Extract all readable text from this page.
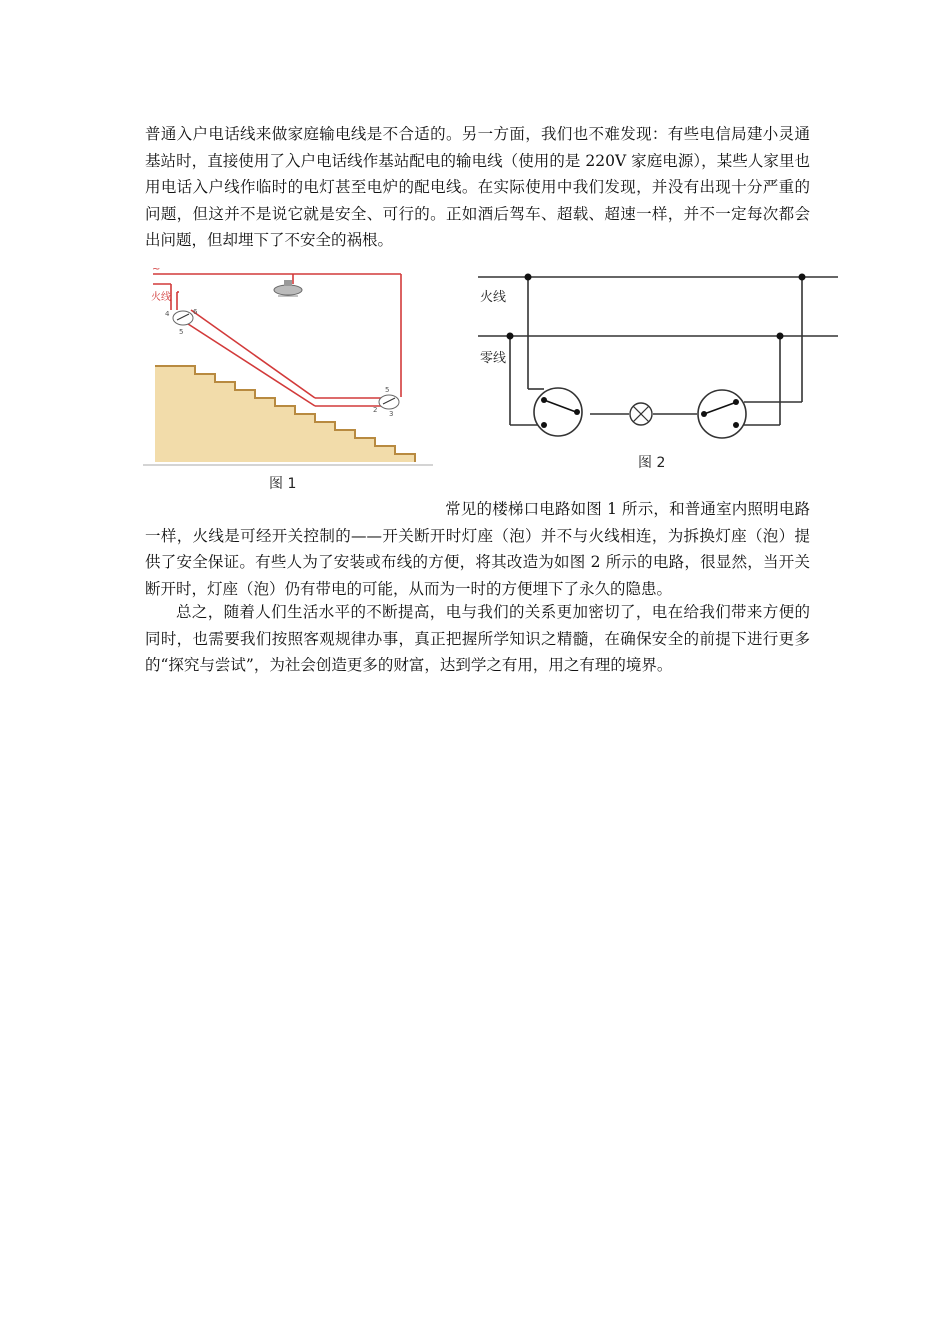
普通入户电话线来做家庭输电线是不合适的。另一方面，我们也不难发现：有些电信局建小灵通基站时，直接使用了入户电话线作基站配电的输电线（使用的是 220V 家庭电源），某些人家里也用电话入户线作临时的电灯甚至电炉的配电线。在实际使用中我们发现，并没有出现十分严重的问题，但这并不是说它就是安全、可行的。正如酒后驾车、超载、超速一样，并不一定每次都会出问题，但却埋下了不安全的祸根。

~
火线
4	6
5
5
2 3
图 1
火线
零线
图 2

常见的楼梯口电路如图 1 所示，和普通室内照明电路一样，火线是可经开关控制的——开关断开时灯座（泡）并不与火线相连，为拆换灯座（泡）提供了安全保证。有些人为了安装或布线的方便，将其改造为如图 2 所示的电路，很显然，当开关断开时，灯座（泡）仍有带电的可能，从而为一时的方便埋下了永久的隐患。

总之，随着人们生活水平的不断提高，电与我们的关系更加密切了，电在给我们带来方便的同时，也需要我们按照客观规律办事，真正把握所学知识之精髓，在确保安全的前提下进行更多的“探究与尝试”，为社会创造更多的财富，达到学之有用，用之有理的境界。
